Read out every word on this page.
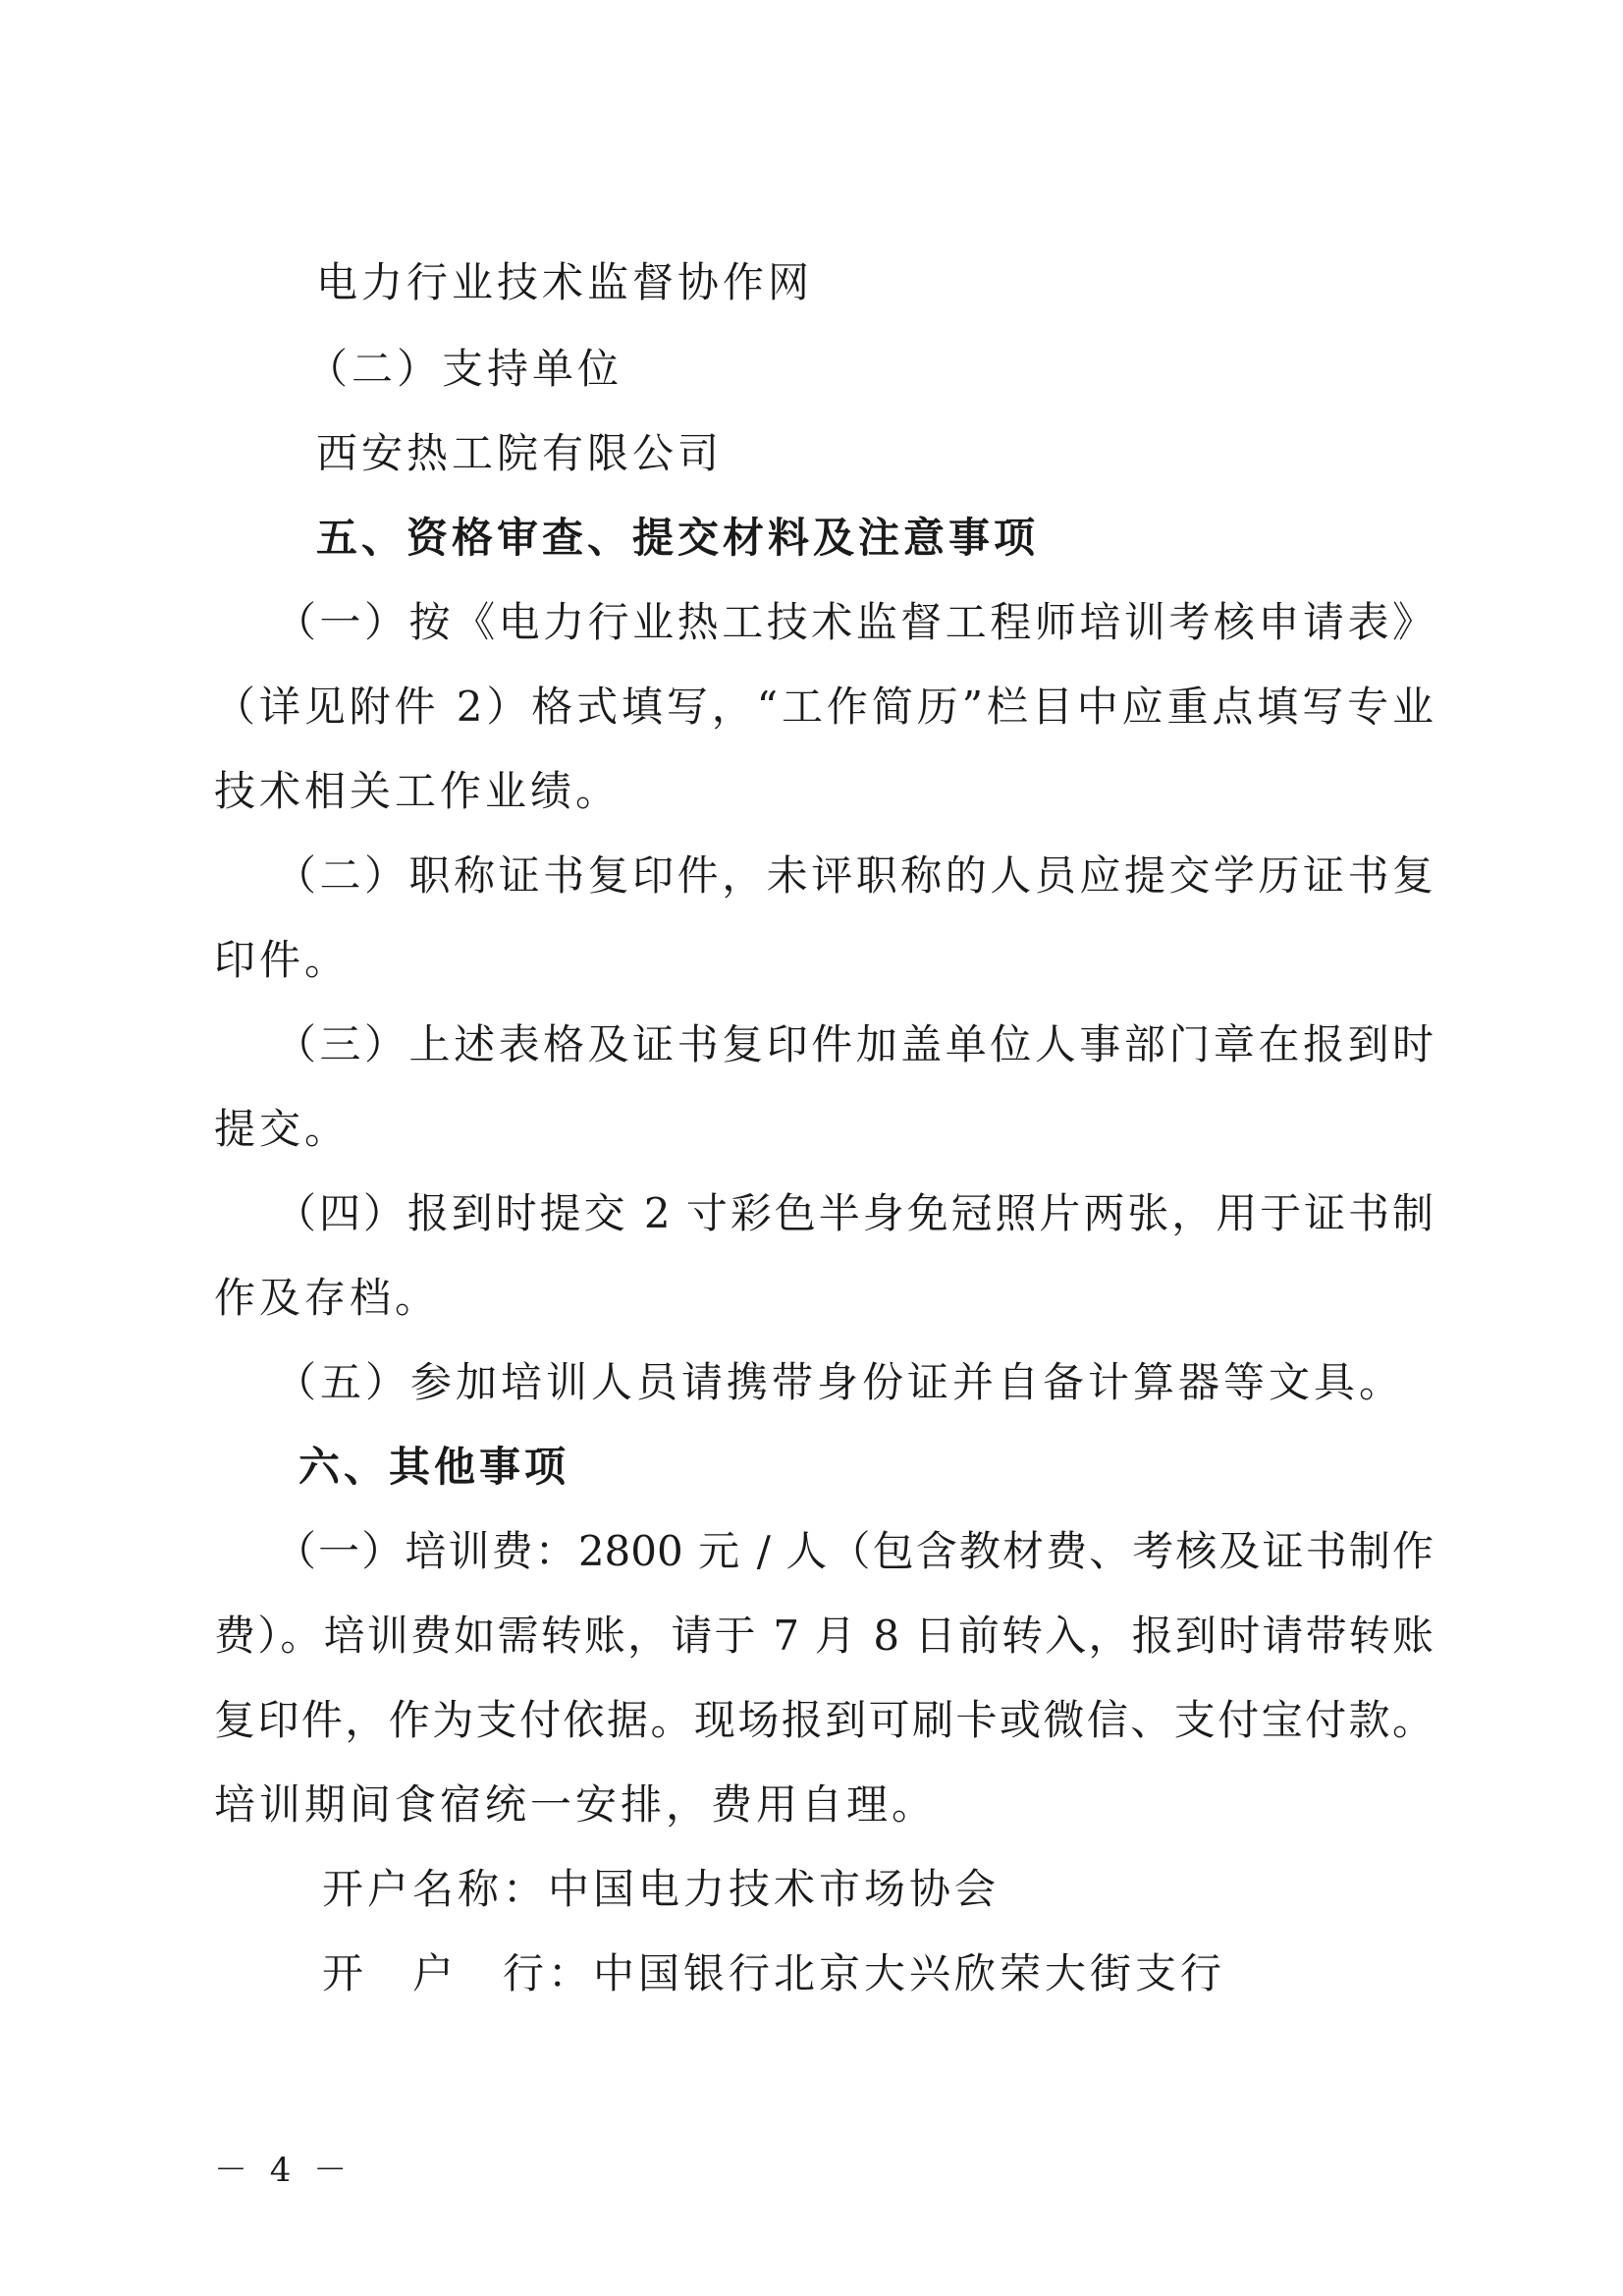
电力行业技术监督协作网
（二）支持单位
西安热工院有限公司
五、资格审查、提交材料及注意事项
（一）按《电力行业热工技术监督工程师培训考核申请表》
（详见附件 2）格式填写，“工作简历”栏目中应重点填写专业
技术相关工作业绩。
（二）职称证书复印件，未评职称的人员应提交学历证书复
印件。
（三）上述表格及证书复印件加盖单位人事部门章在报到时
提交。
（四）报到时提交 2 寸彩色半身免冠照片两张，用于证书制
作及存档。
（五）参加培训人员请携带身份证并自备计算器等文具。
六、其他事项
（一）培训费：2800 元 / 人（包含教材费、考核及证书制作
费）。培训费如需转账，请于 7 月 8 日前转入，报到时请带转账
复印件，作为支付依据。现场报到可刷卡或微信、支付宝付款。
培训期间食宿统一安排，费用自理。
开户名称：中国电力技术市场协会
开　户　行：中国银行北京大兴欣荣大街支行
－ 4 －
